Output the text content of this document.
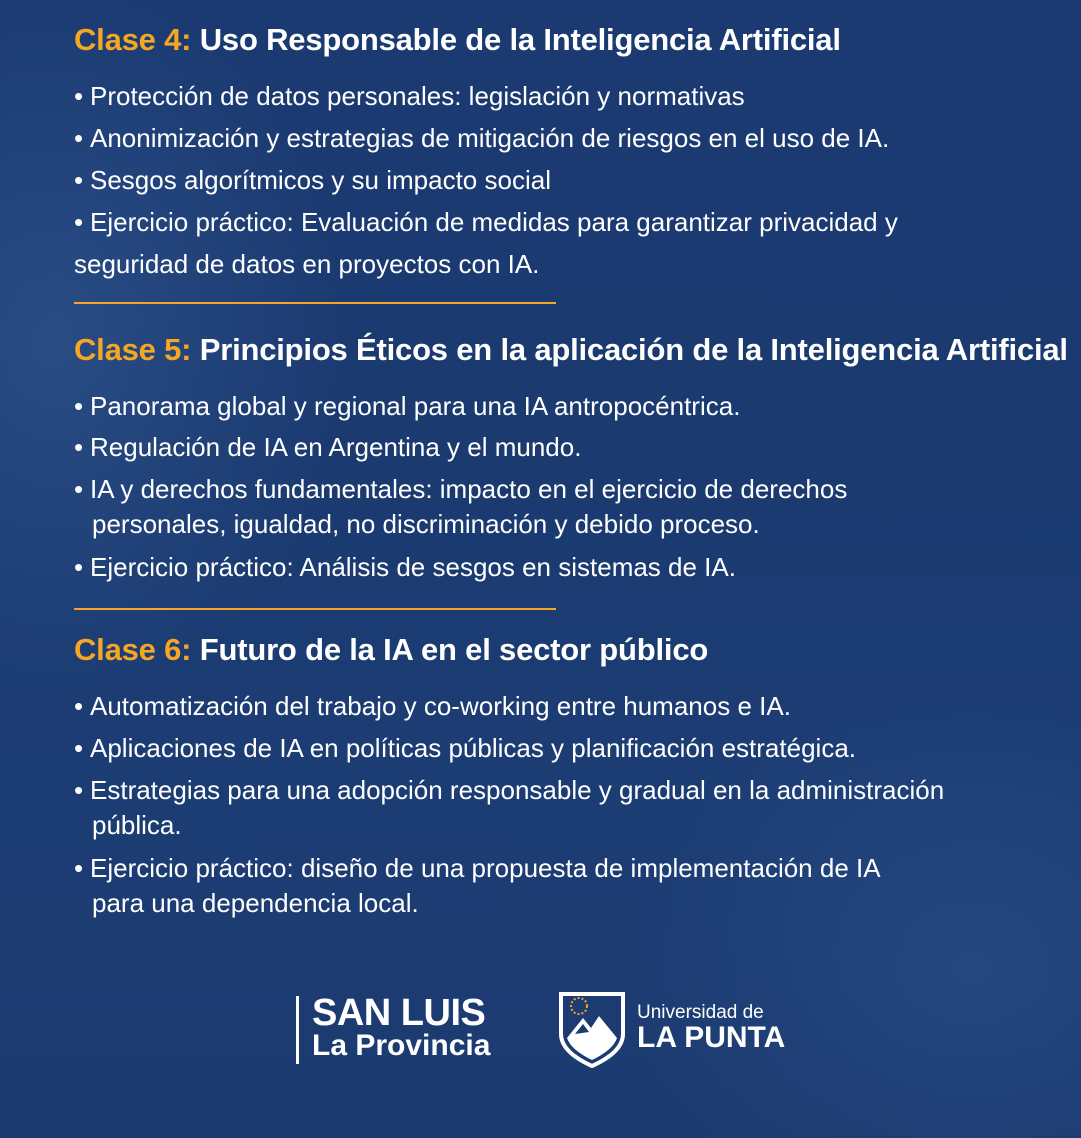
Clase 4: Uso Responsable de la Inteligencia Artificial
• Protección de datos personales: legislación y normativas
• Anonimización y estrategias de mitigación de riesgos en el uso de IA.
• Sesgos algorítmicos y su impacto social
• Ejercicio práctico: Evaluación de medidas para garantizar privacidad y
seguridad de datos en proyectos con IA.
Clase 5: Principios Éticos en la aplicación de la Inteligencia Artificial
• Panorama global y regional para una IA antropocéntrica.
• Regulación de IA en Argentina y el mundo.
• IA y derechos fundamentales: impacto en el ejercicio de derechos
personales, igualdad, no discriminación y debido proceso.
• Ejercicio práctico: Análisis de sesgos en sistemas de IA.
Clase 6: Futuro de la IA en el sector público
• Automatización del trabajo y co-working entre humanos e IA.
• Aplicaciones de IA en políticas públicas y planificación estratégica.
• Estrategias para una adopción responsable y gradual en la administración
pública.
• Ejercicio práctico: diseño de una propuesta de implementación de IA
para una dependencia local.
SAN LUIS
La Provincia
Universidad de
LA PUNTA
